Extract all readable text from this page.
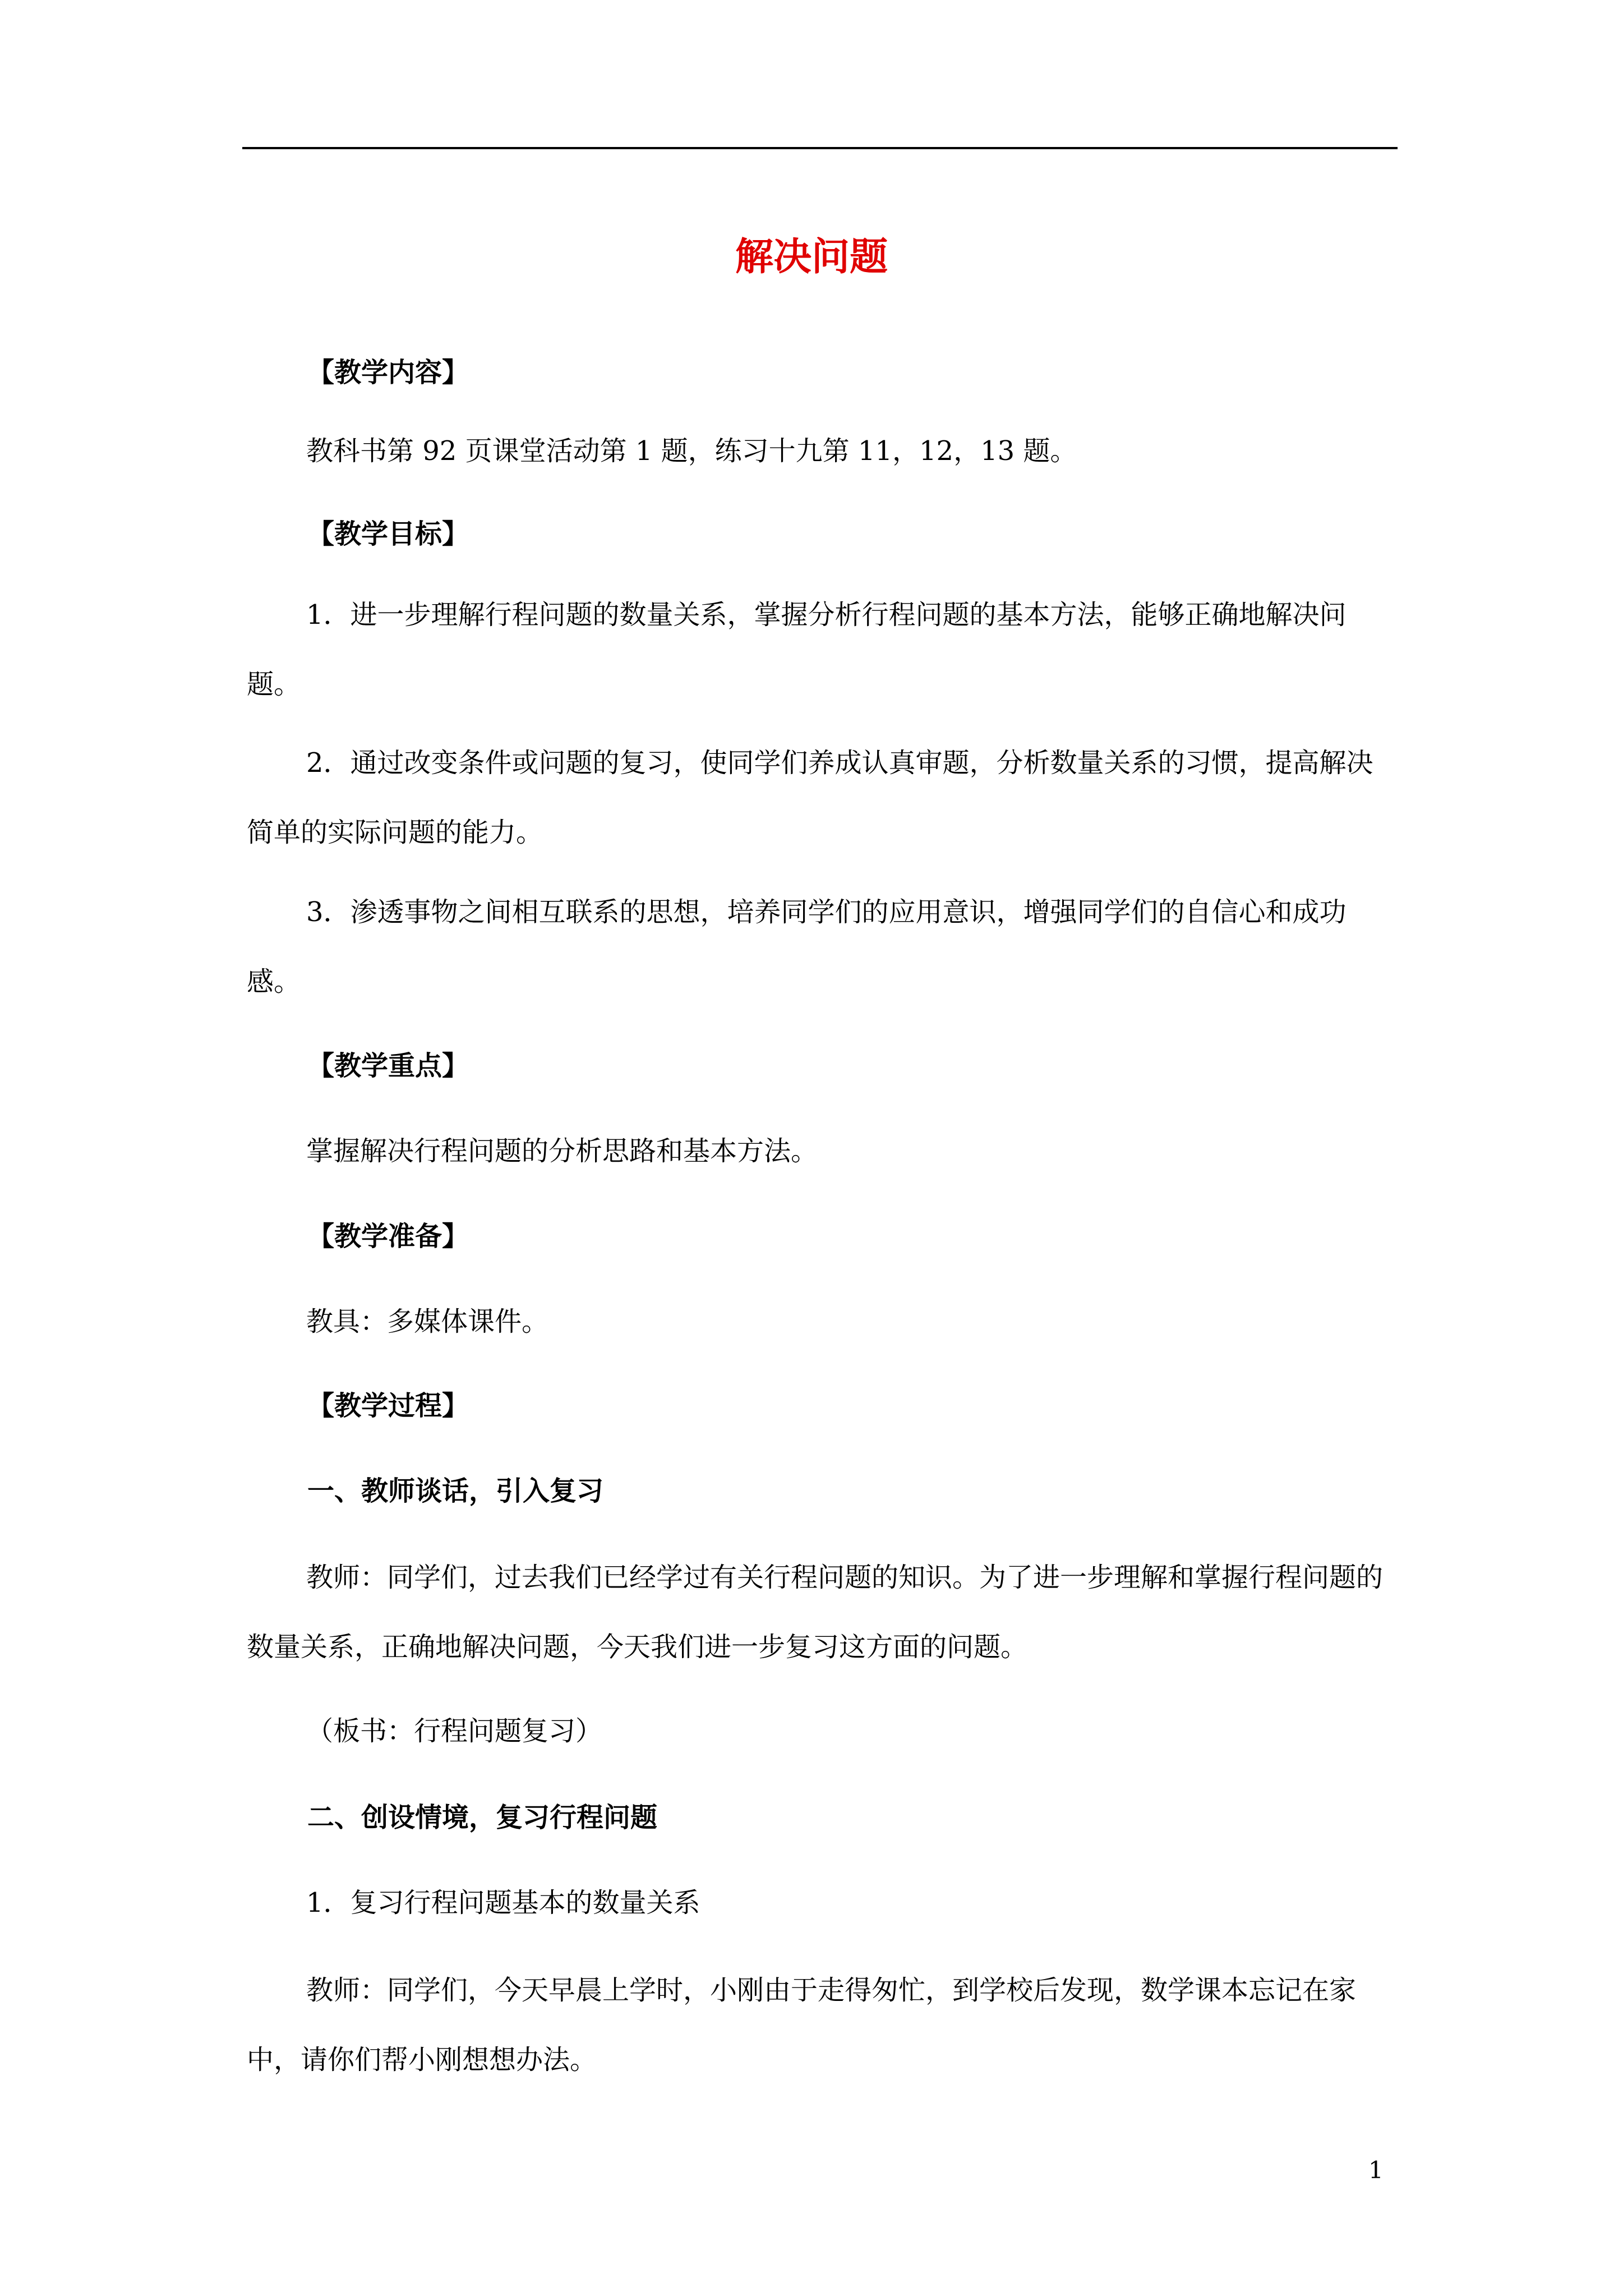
解决问题

【教学内容】

教科书第 92 页课堂活动第 1 题，练习十九第 11，12，13 题。

【教学目标】

1．进一步理解行程问题的数量关系，掌握分析行程问题的基本方法，能够正确地解决问题。

2．通过改变条件或问题的复习，使同学们养成认真审题，分析数量关系的习惯，提高解决简单的实际问题的能力。

3．渗透事物之间相互联系的思想，培养同学们的应用意识，增强同学们的自信心和成功感。

【教学重点】

掌握解决行程问题的分析思路和基本方法。

【教学准备】

教具：多媒体课件。

【教学过程】

一、教师谈话，引入复习

教师：同学们，过去我们已经学过有关行程问题的知识。为了进一步理解和掌握行程问题的数量关系，正确地解决问题，今天我们进一步复习这方面的问题。

（板书：行程问题复习）

二、创设情境，复习行程问题

1．复习行程问题基本的数量关系

教师：同学们，今天早晨上学时，小刚由于走得匆忙，到学校后发现，数学课本忘记在家中，请你们帮小刚想想办法。

1
